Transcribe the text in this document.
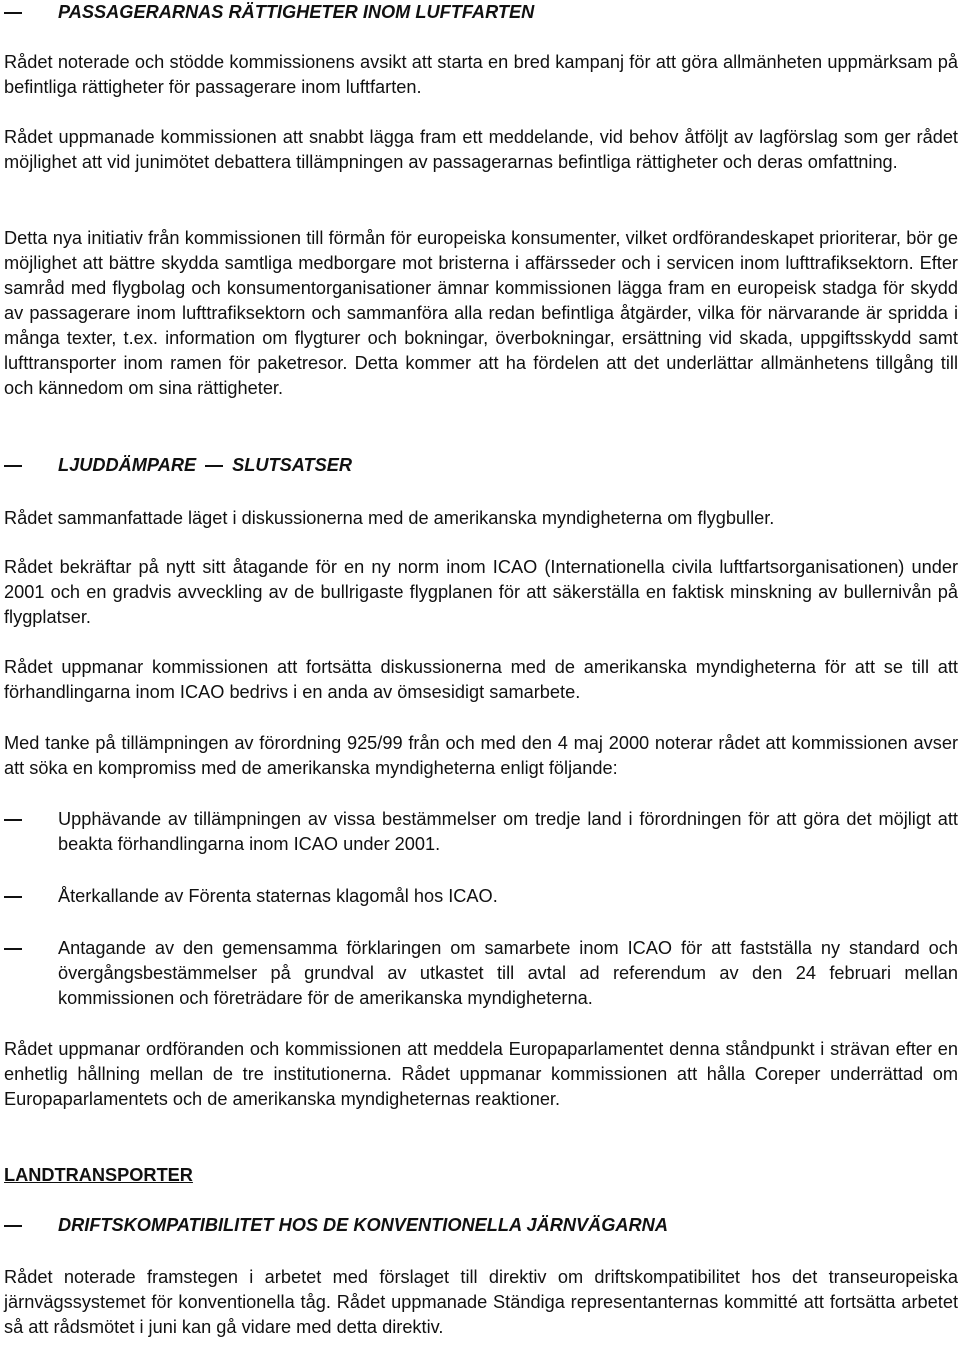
PASSAGERARNAS RÄTTIGHETER INOM LUFTFARTEN

Rådet noterade och stödde kommissionens avsikt att starta en bred kampanj för att göra allmänheten uppmärksam på befintliga rättigheter för passagerare inom luftfarten.

Rådet uppmanade kommissionen att snabbt lägga fram ett meddelande, vid behov åtföljt av lagförslag som ger rådet möjlighet att vid junimötet debattera tillämpningen av passagerarnas befintliga rättigheter och deras omfattning.

Detta nya initiativ från kommissionen till förmån för europeiska konsumenter, vilket ordförandeskapet prioriterar, bör ge möjlighet att bättre skydda samtliga medborgare mot bristerna i affärsseder och i servicen inom lufttrafiksektorn. Efter samråd med flygbolag och konsumentorganisationer ämnar kommissionen lägga fram en europeisk stadga för skydd av passagerare inom lufttrafiksektorn och sammanföra alla redan befintliga åtgärder, vilka för närvarande är spridda i många texter, t.ex. information om flygturer och bokningar, överbokningar, ersättning vid skada, uppgiftsskydd samt lufttransporter inom ramen för paketresor. Detta kommer att ha fördelen att det underlättar allmänhetens tillgång till och kännedom om sina rättigheter.

LJUDDÄMPARE SLUTSATSER

Rådet sammanfattade läget i diskussionerna med de amerikanska myndigheterna om flygbuller.

Rådet bekräftar på nytt sitt åtagande för en ny norm inom ICAO (Internationella civila luftfartsorganisationen) under 2001 och en gradvis avveckling av de bullrigaste flygplanen för att säkerställa en faktisk minskning av bullernivån på flygplatser.

Rådet uppmanar kommissionen att fortsätta diskussionerna med de amerikanska myndigheterna för att se till att förhandlingarna inom ICAO bedrivs i en anda av ömsesidigt samarbete.

Med tanke på tillämpningen av förordning 925/99 från och med den 4 maj 2000 noterar rådet att kommissionen avser att söka en kompromiss med de amerikanska myndigheterna enligt följande:

Upphävande av tillämpningen av vissa bestämmelser om tredje land i förordningen för att göra det möjligt att beakta förhandlingarna inom ICAO under 2001.

Återkallande av Förenta staternas klagomål hos ICAO.

Antagande av den gemensamma förklaringen om samarbete inom ICAO för att fastställa ny standard och övergångsbestämmelser på grundval av utkastet till avtal ad referendum av den 24 februari mellan kommissionen och företrädare för de amerikanska myndigheterna.

Rådet uppmanar ordföranden och kommissionen att meddela Europaparlamentet denna ståndpunkt i strävan efter en enhetlig hållning mellan de tre institutionerna. Rådet uppmanar kommissionen att hålla Coreper underrättad om Europaparlamentets och de amerikanska myndigheternas reaktioner.

LANDTRANSPORTER
DRIFTSKOMPATIBILITET HOS DE KONVENTIONELLA JÄRNVÄGARNA

Rådet noterade framstegen i arbetet med förslaget till direktiv om driftskompatibilitet hos det transeuropeiska järnvägssystemet för konventionella tåg. Rådet uppmanade Ständiga representanternas kommitté att fortsätta arbetet så att rådsmötet i juni kan gå vidare med detta direktiv.
